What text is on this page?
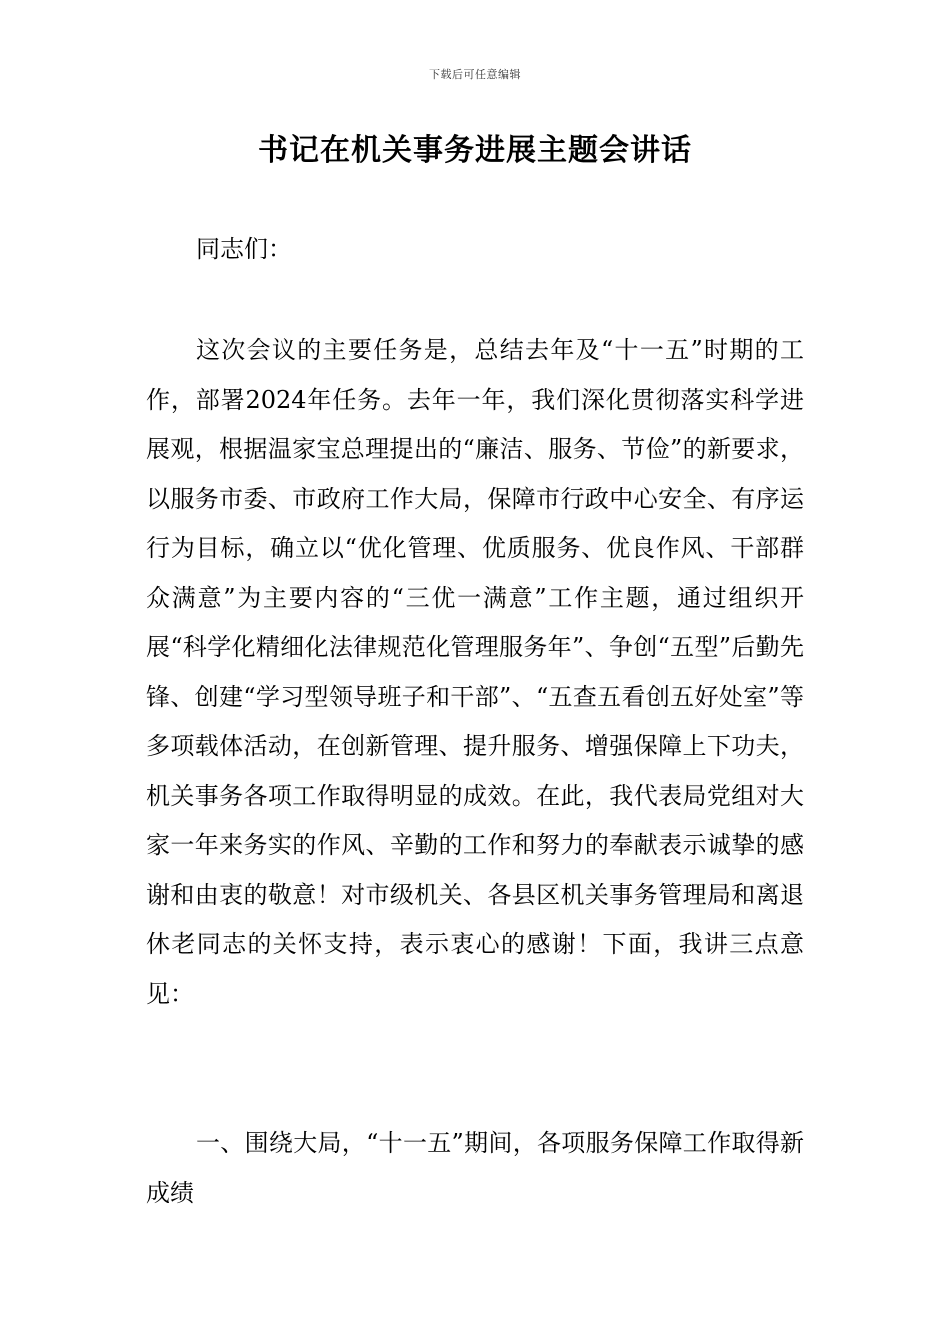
下载后可任意编辑
书记在机关事务进展主题会讲话

同志们：

这次会议的主要任务是，总结去年及“十一五”时期的工作，部署2024年任务。去年一年，我们深化贯彻落实科学进展观，根据温家宝总理提出的“廉洁、服务、节俭”的新要求，以服务市委、市政府工作大局，保障市行政中心安全、有序运行为目标，确立以“优化管理、优质服务、优良作风、干部群众满意”为主要内容的“三优一满意”工作主题，通过组织开展“科学化精细化法律规范化管理服务年”、争创“五型”后勤先锋、创建“学习型领导班子和干部”、“五查五看创五好处室”等多项载体活动，在创新管理、提升服务、增强保障上下功夫，机关事务各项工作取得明显的成效。在此，我代表局党组对大家一年来务实的作风、辛勤的工作和努力的奉献表示诚挚的感谢和由衷的敬意！对市级机关、各县区机关事务管理局和离退休老同志的关怀支持，表示衷心的感谢！下面，我讲三点意见：

一、围绕大局，“十一五”期间，各项服务保障工作取得新成绩
